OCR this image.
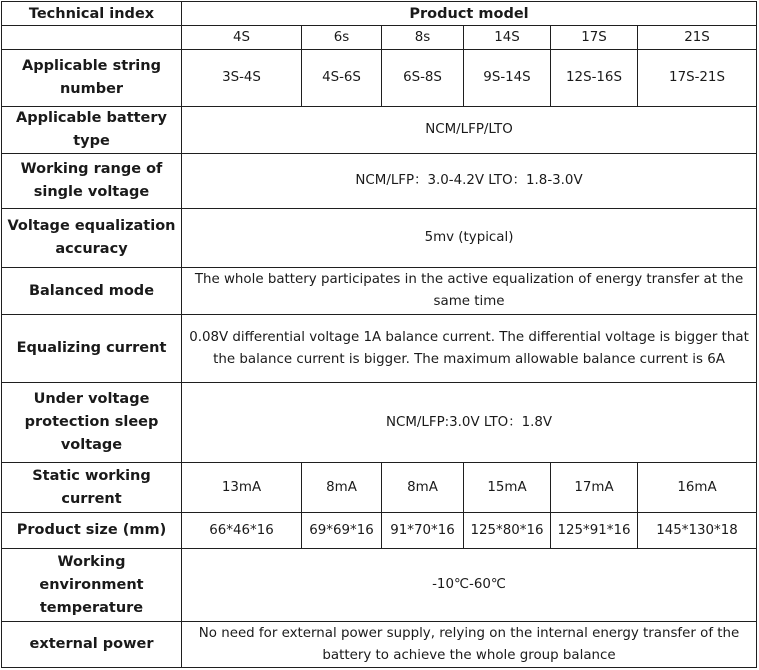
Technical index	Product model					
	4S	6s	8s	14S	17S	21S
Applicable string number	3S-4S	4S-6S	6S-8S	9S-14S	12S-16S	17S-21S
Applicable battery type	NCM/LFP/LTO					
Working range of single voltage	NCM/LFP：3.0-4.2V LTO：1.8-3.0V					
Voltage equalization accuracy	5mv (typical)					
Balanced mode	The whole battery participates in the active equalization of energy transfer at the same time					
Equalizing current	0.08V differential voltage 1A balance current. The differential voltage is bigger that the balance current is bigger. The maximum allowable balance current is 6A					
Under voltage protection sleep voltage	NCM/LFP:3.0V LTO：1.8V					
Static working current	13mA	8mA	8mA	15mA	17mA	16mA
Product size (mm)	66*46*16	69*69*16	91*70*16	125*80*16	125*91*16	145*130*18
Working environment temperature	-10℃-60℃					
external power	No need for external power supply, relying on the internal energy transfer of the battery to achieve the whole group balance					
